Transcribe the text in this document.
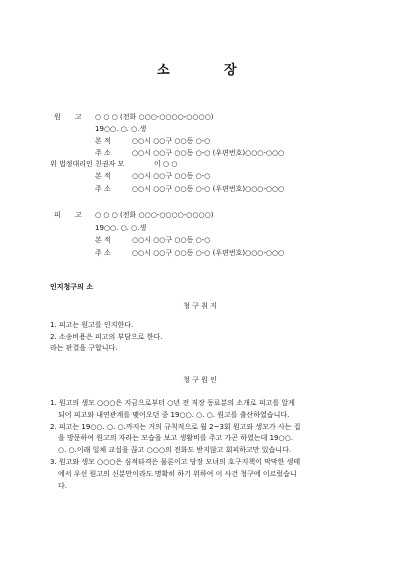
소	장
원 고 ○ ○ ○ (전화 ○○○-○○○○-○○○○)
19○○. ○. ○.생
본 적	○○시 ○○구 ○○동 ○-○
주 소	○○시 ○○구 ○○동 ○-○ (우편번호)○○○-○○○
위 법정대리인 친권자 모	이 ○ ○
본 적	○○시 ○○구 ○○동 ○-○
주 소	○○시 ○○구 ○○동 ○-○ (우편번호)○○○-○○○
피 고 ○ ○ ○ (전화 ○○○-○○○○-○○○○)
19○○. ○. ○.생
본 적	○○시 ○○구 ○○동 ○-○
주 소	○○시 ○○구 ○○동 ○-○ (우편번호)○○○-○○○
인지청구의 소
청 구 취 지
1. 피고는 원고를 인지한다.
2. 소송비용은 피고의 부담으로 한다.
라는 판결을 구합니다.
청 구 원 인
1. 원고의 생모 ○○○은 지금으로부터 ○년 전 직장 동료분의 소개로 피고를 알게
되어 피고와 내연관계를 맺어오던 중 19○○. ○. ○. 원고를 출산하였습니다.
2. 피고는 19○○. ○. ○.까지는 거의 규칙적으로 월 2~3회 원고와 생모가 사는 집
을 방문하여 원고의 자라는 모습을 보고 생활비를 주고 가곤 하였는데 19○○.
○. ○.이래 일체 교섭을 끊고 ○○○의 전화도 받지않고 회피하고만 있습니다.
3. 원고와 생모 ○○○은 심적타격은 물론이고 당장 모녀의 호구지책이 막막한 생태
에서 우선 원고의 신분만이라도 명확히 하기 위하여 이 사건 청구에 이르렀습니
다.
